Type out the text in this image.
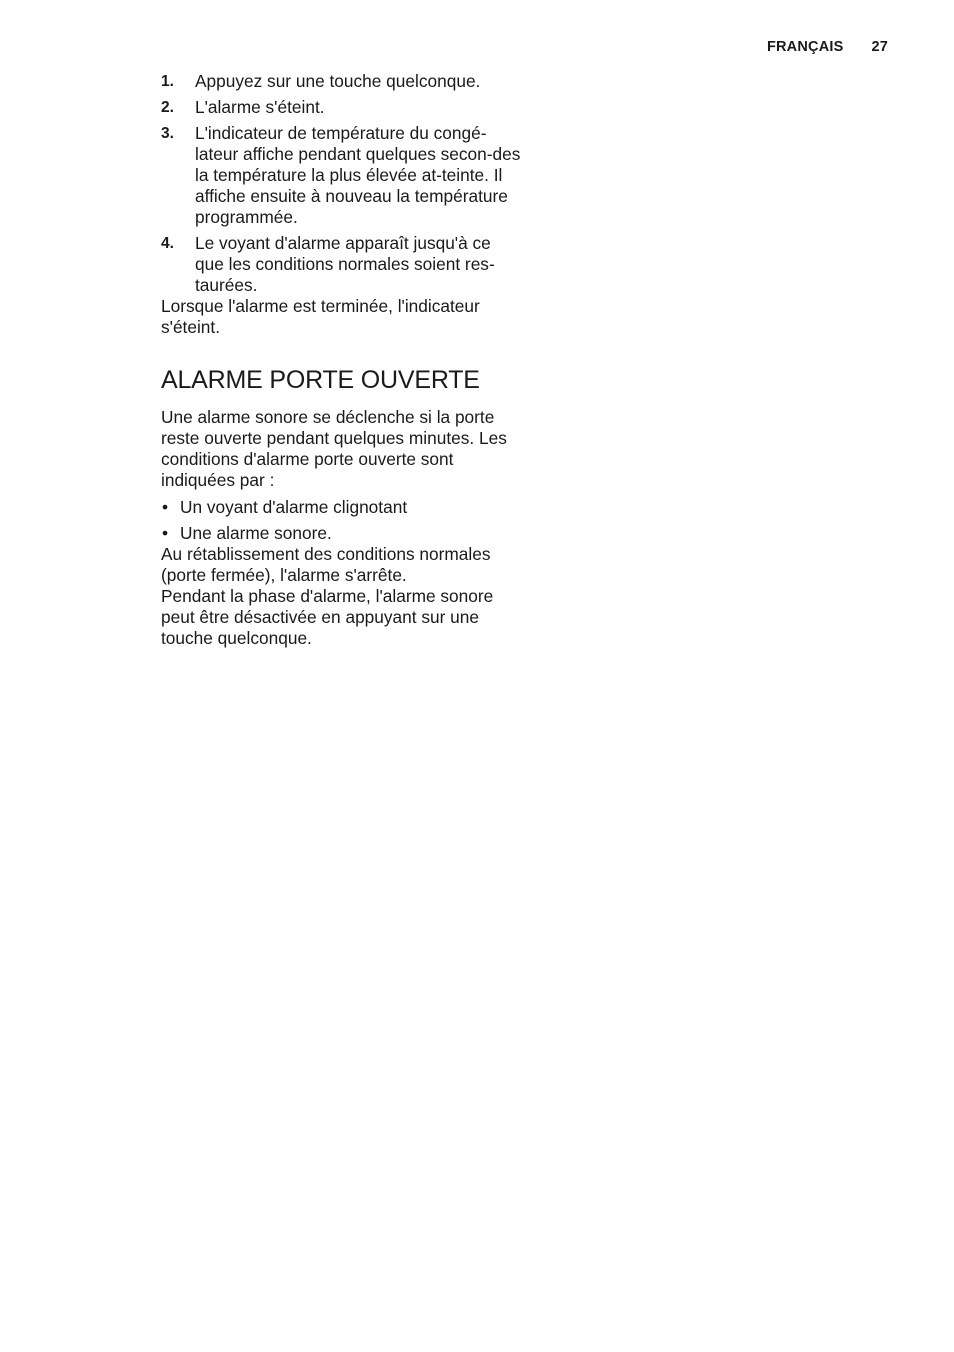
FRANÇAIS 27
1. Appuyez sur une touche quelconque.
2. L'alarme s'éteint.
3. L'indicateur de température du congé-lateur affiche pendant quelques secon-des la température la plus élevée at-teinte. Il affiche ensuite à nouveau la température programmée.
4. Le voyant d'alarme apparaît jusqu'à ce que les conditions normales soient res-taurées.

Lorsque l'alarme est terminée, l'indicateur s'éteint.

ALARME PORTE OUVERTE

Une alarme sonore se déclenche si la porte reste ouverte pendant quelques minutes. Les conditions d'alarme porte ouverte sont indiquées par :

• Un voyant d'alarme clignotant
• Une alarme sonore.

Au rétablissement des conditions normales (porte fermée), l'alarme s'arrête.

Pendant la phase d'alarme, l'alarme sonore peut être désactivée en appuyant sur une touche quelconque.
